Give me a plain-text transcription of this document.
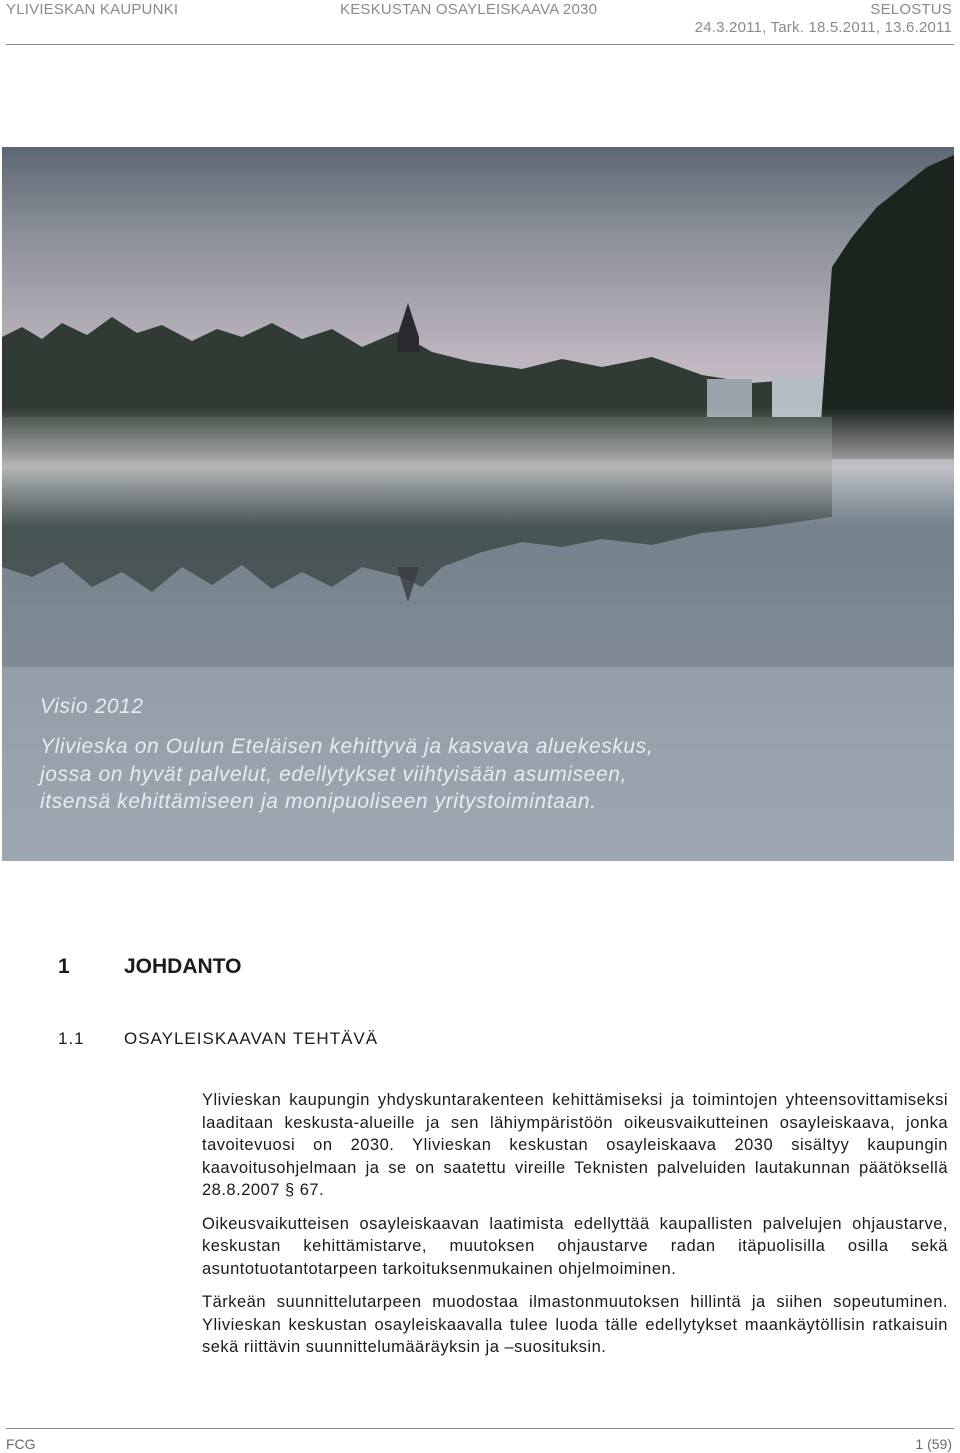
YLIVIESKAN KAUPUNKI	KESKUSTAN OSAYLEISKAAVA 2030	SELOSTUS
24.3.2011, Tark. 18.5.2011, 13.6.2011
Visio 2012
Ylivieska on Oulun Eteläisen kehittyvä ja kasvava aluekeskus,
jossa on hyvät palvelut, edellytykset viihtyisään asumiseen,
itsensä kehittämiseen ja monipuoliseen yritystoimintaan.
1	JOHDANTO
1.1 OSAYLEISKAAVAN TEHTÄVÄ

Ylivieskan kaupungin yhdyskuntarakenteen kehittämiseksi ja toimintojen yhteensovittamiseksi laaditaan keskusta-alueille ja sen lähiympäristöön oikeusvaikutteinen osayleiskaava, jonka tavoitevuosi on 2030. Ylivieskan keskustan osayleiskaava 2030 sisältyy kaupungin kaavoitusohjelmaan ja se on saatettu vireille Teknisten palveluiden lautakunnan päätöksellä 28.8.2007 § 67.

Oikeusvaikutteisen osayleiskaavan laatimista edellyttää kaupallisten palvelujen ohjaustarve, keskustan kehittämistarve, muutoksen ohjaustarve radan itäpuolisilla osilla sekä asuntotuotantotarpeen tarkoituksenmukainen ohjelmoiminen.

Tärkeän suunnittelutarpeen muodostaa ilmastonmuutoksen hillintä ja siihen sopeutuminen. Ylivieskan keskustan osayleiskaavalla tulee luoda tälle edellytykset maankäytöllisin ratkaisuin sekä riittävin suunnittelumääräyksin ja –suosituksin.

FCG	1 (59)
